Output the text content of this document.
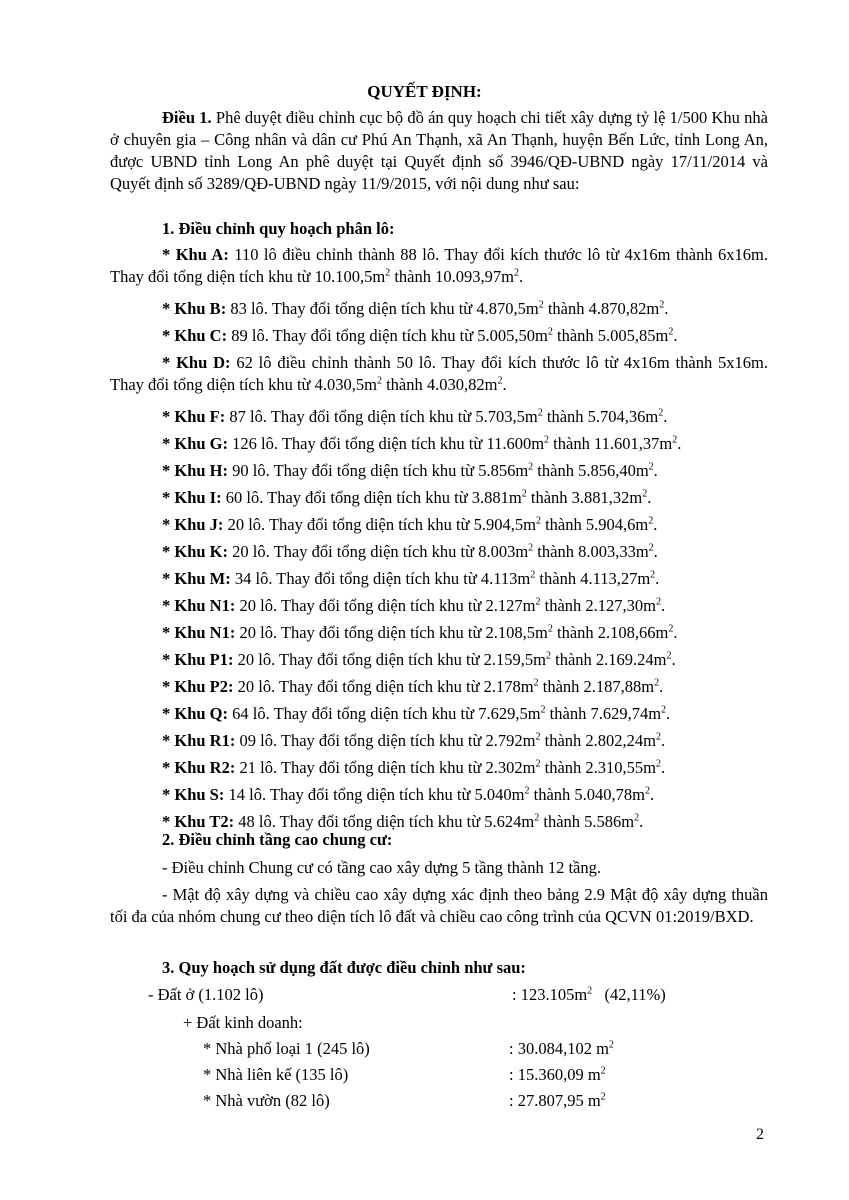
QUYẾT ĐỊNH:
Điều 1. Phê duyệt điều chỉnh cục bộ đồ án quy hoạch chi tiết xây dựng tỷ lệ 1/500 Khu nhà ở chuyên gia – Công nhân và dân cư Phú An Thạnh, xã An Thạnh, huyện Bến Lức, tỉnh Long An, được UBND tỉnh Long An phê duyệt tại Quyết định số 3946/QĐ-UBND ngày 17/11/2014 và Quyết định số 3289/QĐ-UBND ngày 11/9/2015, với nội dung như sau:
1. Điều chỉnh quy hoạch phân lô:
* Khu A: 110 lô điều chỉnh thành 88 lô. Thay đổi kích thước lô từ 4x16m thành 6x16m. Thay đổi tổng diện tích khu từ $10.100,5m^2$ thành $10.093,97m^2$.
* Khu B: 83 lô. Thay đổi tổng diện tích khu từ $4.870,5m^2$ thành $4.870,82m^2$.
* Khu C: 89 lô. Thay đổi tổng diện tích khu từ $5.005,50m^2$ thành $5.005,85m^2$.
* Khu D: 62 lô điều chỉnh thành 50 lô. Thay đổi kích thước lô từ 4x16m thành 5x16m. Thay đổi tổng diện tích khu từ $4.030,5m^2$ thành $4.030,82m^2$.
* Khu F: 87 lô. Thay đổi tổng diện tích khu từ $5.703,5m^2$ thành $5.704,36m^2$.
* Khu G: 126 lô. Thay đổi tổng diện tích khu từ $11.600m^2$ thành $11.601,37m^2$.
* Khu H: 90 lô. Thay đổi tổng diện tích khu từ $5.856m^2$ thành $5.856,40m^2$.
* Khu I: 60 lô. Thay đổi tổng diện tích khu từ $3.881m^2$ thành $3.881,32m^2$.
* Khu J: 20 lô. Thay đổi tổng diện tích khu từ $5.904,5m^2$ thành $5.904,6m^2$.
* Khu K: 20 lô. Thay đổi tổng diện tích khu từ $8.003m^2$ thành $8.003,33m^2$.
* Khu M: 34 lô. Thay đổi tổng diện tích khu từ $4.113m^2$ thành $4.113,27m^2$.
* Khu N1: 20 lô. Thay đổi tổng diện tích khu từ $2.127m^2$ thành $2.127,30m^2$.
* Khu N1: 20 lô. Thay đổi tổng diện tích khu từ $2.108,5m^2$ thành $2.108,66m^2$.
* Khu P1: 20 lô. Thay đổi tổng diện tích khu từ $2.159,5m^2$ thành $2.169.24m^2$.
* Khu P2: 20 lô. Thay đổi tổng diện tích khu từ $2.178m^2$ thành $2.187,88m^2$.
* Khu Q: 64 lô. Thay đổi tổng diện tích khu từ $7.629,5m^2$ thành $7.629,74m^2$.
* Khu R1: 09 lô. Thay đổi tổng diện tích khu từ $2.792m^2$ thành $2.802,24m^2$.
* Khu R2: 21 lô. Thay đổi tổng diện tích khu từ $2.302m^2$ thành $2.310,55m^2$.
* Khu S: 14 lô. Thay đổi tổng diện tích khu từ $5.040m^2$ thành $5.040,78m^2$.
* Khu T2: 48 lô. Thay đổi tổng diện tích khu từ $5.624m^2$ thành $5.586m^2$.
2. Điều chỉnh tầng cao chung cư:
- Điều chỉnh Chung cư có tầng cao xây dựng 5 tầng thành 12 tầng.
- Mật độ xây dựng và chiều cao xây dựng xác định theo bảng 2.9 Mật độ xây dựng thuần tối đa của nhóm chung cư theo diện tích lô đất và chiều cao công trình của QCVN 01:2019/BXD.
3. Quy hoạch sử dụng đất được điều chỉnh như sau:
- Đất ở (1.102 lô)	: $123.105m^2$   (42,11%)
+ Đất kinh doanh:
* Nhà phố loại 1 (245 lô)	: 30.084,102 $m^2$
* Nhà liên kế (135 lô)	: 15.360,09 $m^2$
* Nhà vườn (82 lô)	: 27.807,95 $m^2$
2
